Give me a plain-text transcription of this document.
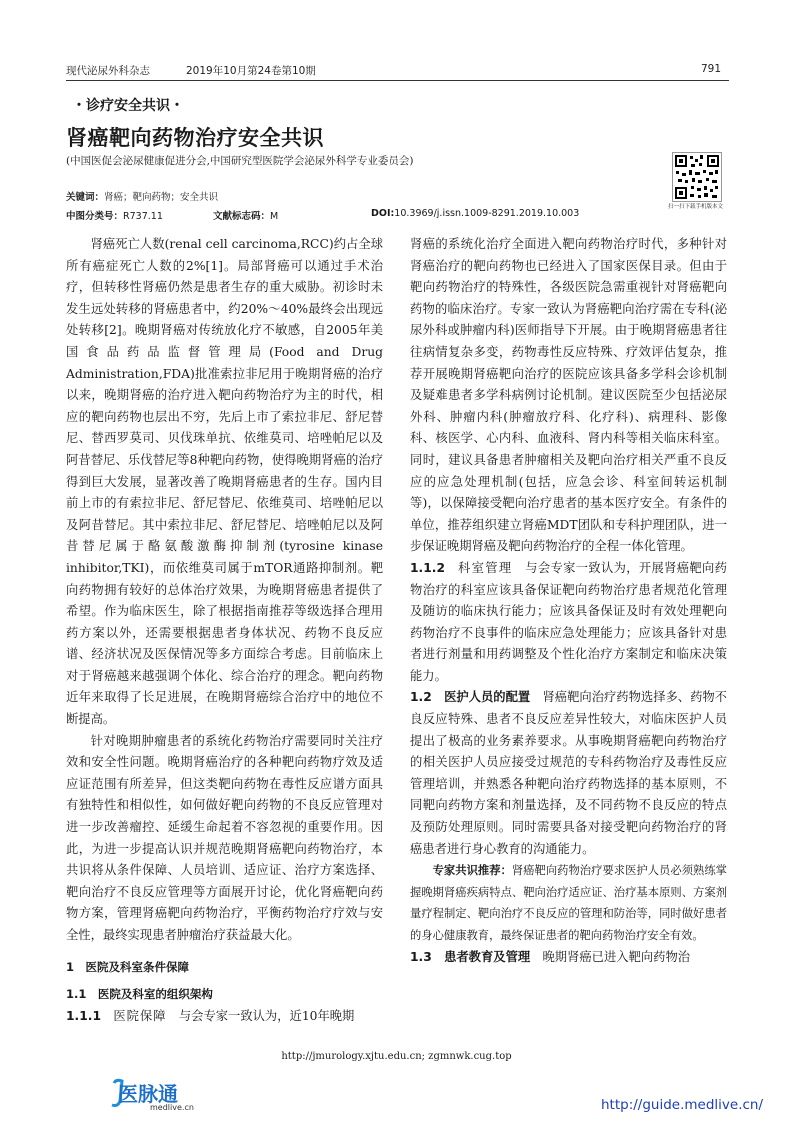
现代泌尿外科杂志	2019年10月第24卷第10期	791
・诊疗安全共识・
肾癌靶向药物治疗安全共识
(中国医促会泌尿健康促进分会,中国研究型医院学会泌尿外科学专业委员会)
扫一扫下载手机版本文
关键词：肾癌；靶向药物；安全共识
中图分类号：R737.11	文献标志码：M	DOI:10.3969/j.issn.1009-8291.2019.10.003

肾癌死亡人数(renal cell carcinoma,RCC)约占全球所有癌症死亡人数的2%[1]。局部肾癌可以通过手术治疗，但转移性肾癌仍然是患者生存的重大威胁。初诊时未发生远处转移的肾癌患者中，约20%～40%最终会出现远处转移[2]。晚期肾癌对传统放化疗不敏感，自2005年美国食品药品监督管理局(Food and Drug Administration,FDA)批准索拉非尼用于晚期肾癌的治疗以来，晚期肾癌的治疗进入靶向药物治疗为主的时代，相应的靶向药物也层出不穷，先后上市了索拉非尼、舒尼替尼、替西罗莫司、贝伐珠单抗、依维莫司、培唑帕尼以及阿昔替尼、乐伐替尼等8种靶向药物，使得晚期肾癌的治疗得到巨大发展，显著改善了晚期肾癌患者的生存。国内目前上市的有索拉非尼、舒尼替尼、依维莫司、培唑帕尼以及阿昔替尼。其中索拉非尼、舒尼替尼、培唑帕尼以及阿昔替尼属于酪氨酸激酶抑制剂(tyrosine kinase inhibitor,TKI)，而依维莫司属于mTOR通路抑制剂。靶向药物拥有较好的总体治疗效果，为晚期肾癌患者提供了希望。作为临床医生，除了根据指南推荐等级选择合理用药方案以外，还需要根据患者身体状况、药物不良反应谱、经济状况及医保情况等多方面综合考虑。目前临床上对于肾癌越来越强调个体化、综合治疗的理念。靶向药物近年来取得了长足进展，在晚期肾癌综合治疗中的地位不断提高。

针对晚期肿瘤患者的系统化药物治疗需要同时关注疗效和安全性问题。晚期肾癌治疗的各种靶向药物疗效及适应证范围有所差异，但这类靶向药物在毒性反应谱方面具有独特性和相似性，如何做好靶向药物的不良反应管理对进一步改善瘤控、延缓生命起着不容忽视的重要作用。因此，为进一步提高认识并规范晚期肾癌靶向药物治疗，本共识将从条件保障、人员培训、适应证、治疗方案选择、靶向治疗不良反应管理等方面展开讨论，优化肾癌靶向药物方案，管理肾癌靶向药物治疗，平衡药物治疗疗效与安全性，最终实现患者肿瘤治疗获益最大化。

1　医院及科室条件保障

1.1　医院及科室的组织架构

1.1.1　 医院保障　 与会专家一致认为，近10年晚期

肾癌的系统化治疗全面进入靶向药物治疗时代，多种针对肾癌治疗的靶向药物也已经进入了国家医保目录。但由于靶向药物治疗的特殊性，各级医院急需重视针对肾癌靶向药物的临床治疗。专家一致认为肾癌靶向治疗需在专科(泌尿外科或肿瘤内科)医师指导下开展。由于晚期肾癌患者往往病情复杂多变，药物毒性反应特殊、疗效评估复杂，推荐开展晚期肾癌靶向治疗的医院应该具备多学科会诊机制及疑难患者多学科病例讨论机制。建议医院至少包括泌尿外科、肿瘤内科(肿瘤放疗科、化疗科)、病理科、影像科、核医学、心内科、血液科、肾内科等相关临床科室。同时，建议具备患者肿瘤相关及靶向治疗相关严重不良反应的应急处理机制(包括，应急会诊、科室间转运机制等)，以保障接受靶向治疗患者的基本医疗安全。有条件的单位，推荐组织建立肾癌MDT团队和专科护理团队，进一步保证晚期肾癌及靶向药物治疗的全程一体化管理。

1.1.2　 科室管理　 与会专家一致认为，开展肾癌靶向药物治疗的科室应该具备保证靶向药物治疗患者规范化管理及随访的临床执行能力；应该具备保证及时有效处理靶向药物治疗不良事件的临床应急处理能力；应该具备针对患者进行剂量和用药调整及个性化治疗方案制定和临床决策能力。

1.2　医护人员的配置　 肾癌靶向治疗药物选择多、药物不良反应特殊、患者不良反应差异性较大，对临床医护人员提出了极高的业务素养要求。从事晚期肾癌靶向药物治疗的相关医护人员应接受过规范的专科药物治疗及毒性反应管理培训，并熟悉各种靶向治疗药物选择的基本原则，不同靶向药物方案和剂量选择，及不同药物不良反应的特点及预防处理原则。同时需要具备对接受靶向药物治疗的肾癌患者进行身心教育的沟通能力。

专家共识推荐：肾癌靶向药物治疗要求医护人员必须熟练掌握晚期肾癌疾病特点、靶向治疗适应证、治疗基本原则、方案剂量疗程制定、靶向治疗不良反应的管理和防治等，同时做好患者的身心健康教育，最终保证患者的靶向药物治疗安全有效。

1.3　患者教育及管理　 晚期肾癌已进入靶向药物治

http://jmurology.xjtu.edu.cn; zgmnwk.cug.top
医脉通
medlive.cn	http://guide.medlive.cn/
